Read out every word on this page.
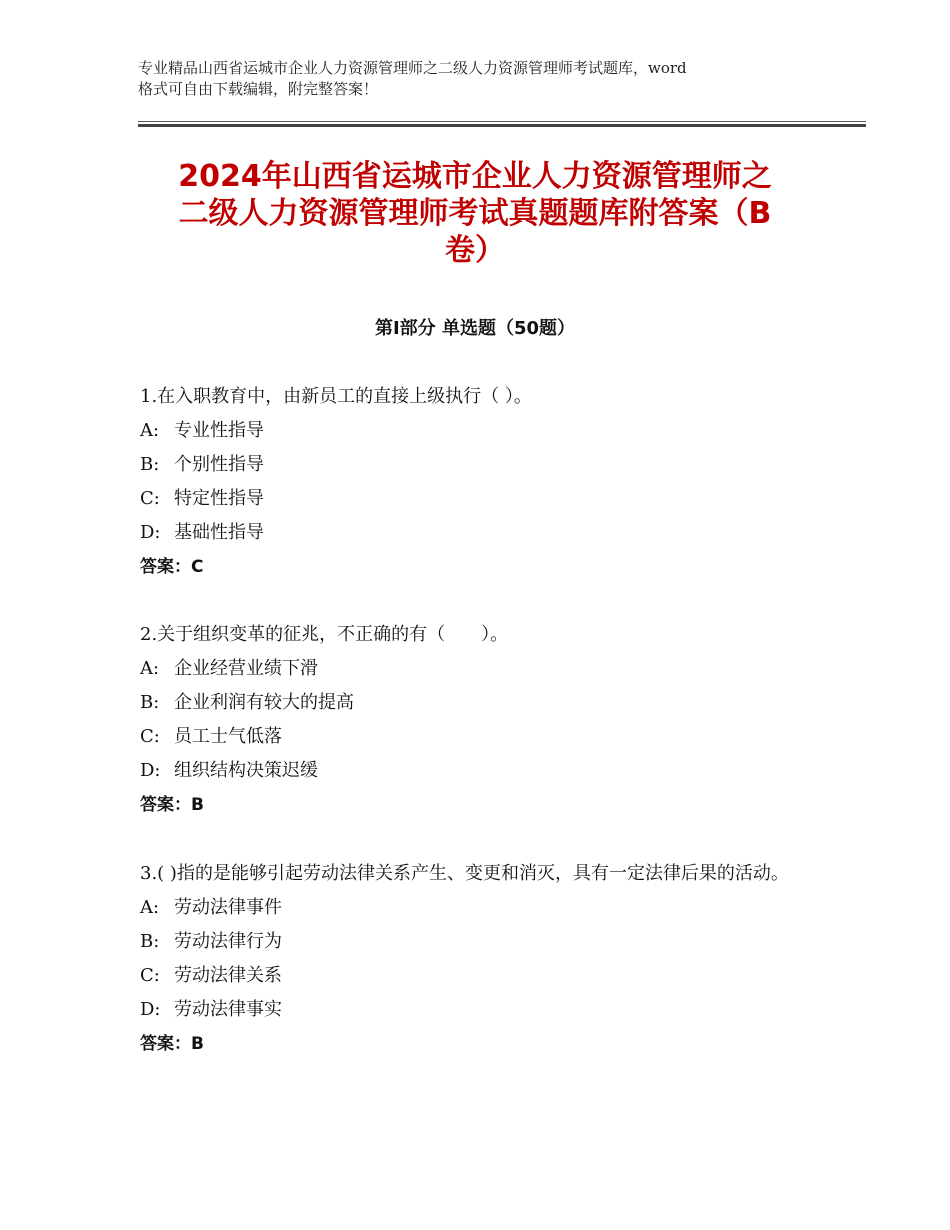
专业精品山西省运城市企业人力资源管理师之二级人力资源管理师考试题库，word
格式可自由下载编辑，附完整答案！
2024年山西省运城市企业人力资源管理师之
二级人力资源管理师考试真题题库附答案（B
卷）
第Ⅰ部分 单选题（50题）
1.在入职教育中，由新员工的直接上级执行（ ）。
A: 专业性指导
B: 个别性指导
C: 特定性指导
D: 基础性指导
答案：C
2.关于组织变革的征兆，不正确的有（　　）。
A: 企业经营业绩下滑
B: 企业利润有较大的提高
C: 员工士气低落
D: 组织结构决策迟缓
答案：B
3.( )指的是能够引起劳动法律关系产生、变更和消灭，具有一定法律后果的活动。
A: 劳动法律事件
B: 劳动法律行为
C: 劳动法律关系
D: 劳动法律事实
答案：B
